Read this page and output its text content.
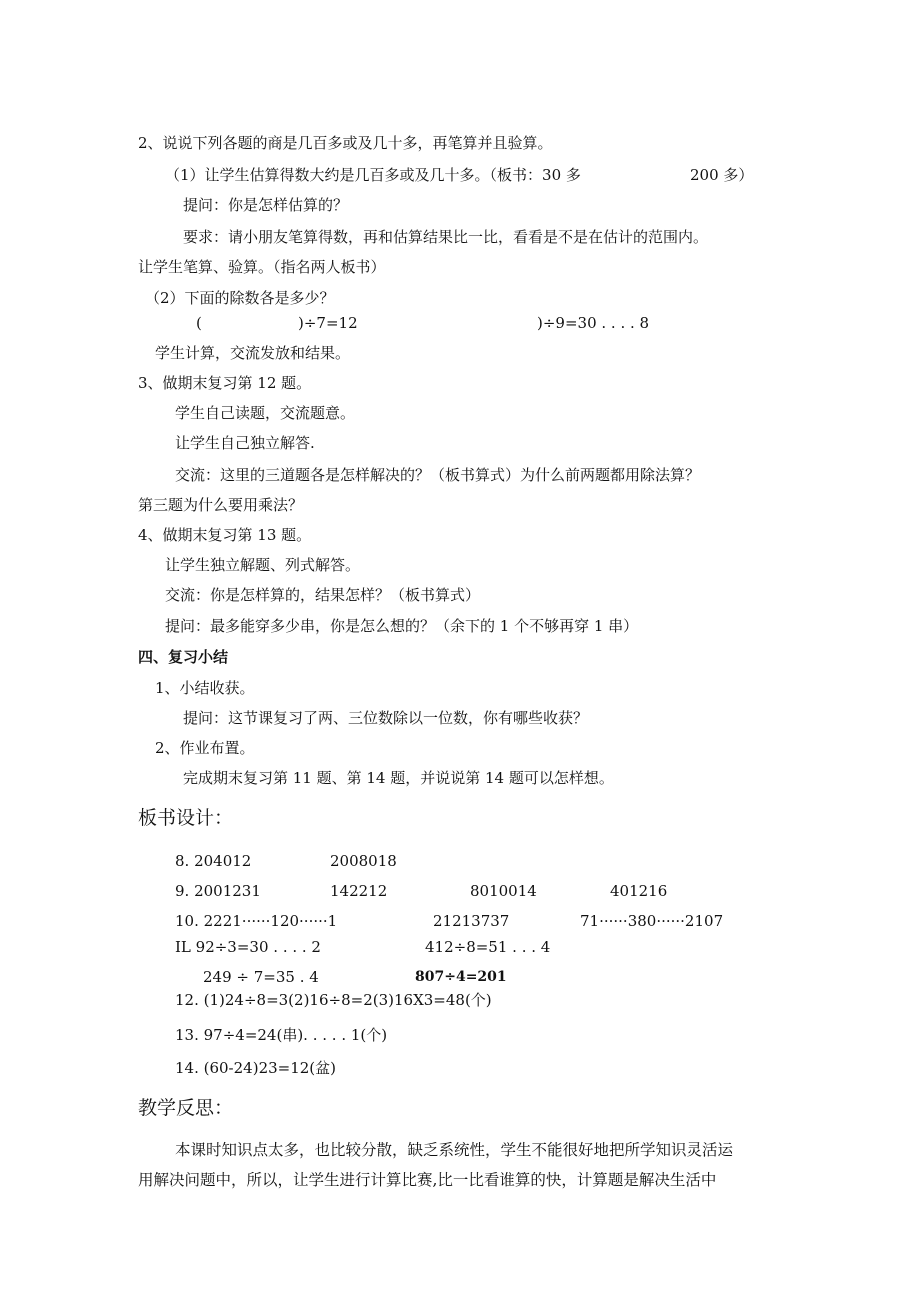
2、说说下列各题的商是几百多或及几十多，再笔算并且验算。
（1）让学生估算得数大约是几百多或及几十多。（板书：30 多	200 多）
提问：你是怎样估算的？
要求：请小朋友笔算得数，再和估算结果比一比，看看是不是在估计的范围内。
让学生笔算、验算。（指名两人板书）
（2）下面的除数各是多少？
(	)÷7=12	)÷9=30 . . . . 8
学生计算，交流发放和结果。
3、做期末复习第 12 题。
学生自己读题，交流题意。
让学生自己独立解答.
交流：这里的三道题各是怎样解决的？（板书算式）为什么前两题都用除法算？
第三题为什么要用乘法？
4、做期末复习第 13 题。
让学生独立解题、列式解答。
交流：你是怎样算的，结果怎样？（板书算式）
提问：最多能穿多少串，你是怎么想的？（余下的 1 个不够再穿 1 串）
四、复习小结
1、小结收获。
提问：这节课复习了两、三位数除以一位数，你有哪些收获？
2、作业布置。
完成期末复习第 11 题、第 14 题，并说说第 14 题可以怎样想。
板书设计：
8. 204012	2008018
9. 2001231	142212	8010014	401216
10. 2221······120······1	21213737	71······380······2107
IL 92÷3=30 . . . . 2	412÷8=51 . . . 4
249 ÷ 7=35 . 4	807÷4=201
12. (1)24÷8=3(2)16÷8=2(3)16X3=48(个)
13. 97÷4=24(串). . . . . 1(个)
14. (60-24)23=12(盆)
教学反思：
本课时知识点太多，也比较分散，缺乏系统性，学生不能很好地把所学知识灵活运
用解决问题中，所以，让学生进行计算比赛,比一比看谁算的快，计算题是解决生活中
